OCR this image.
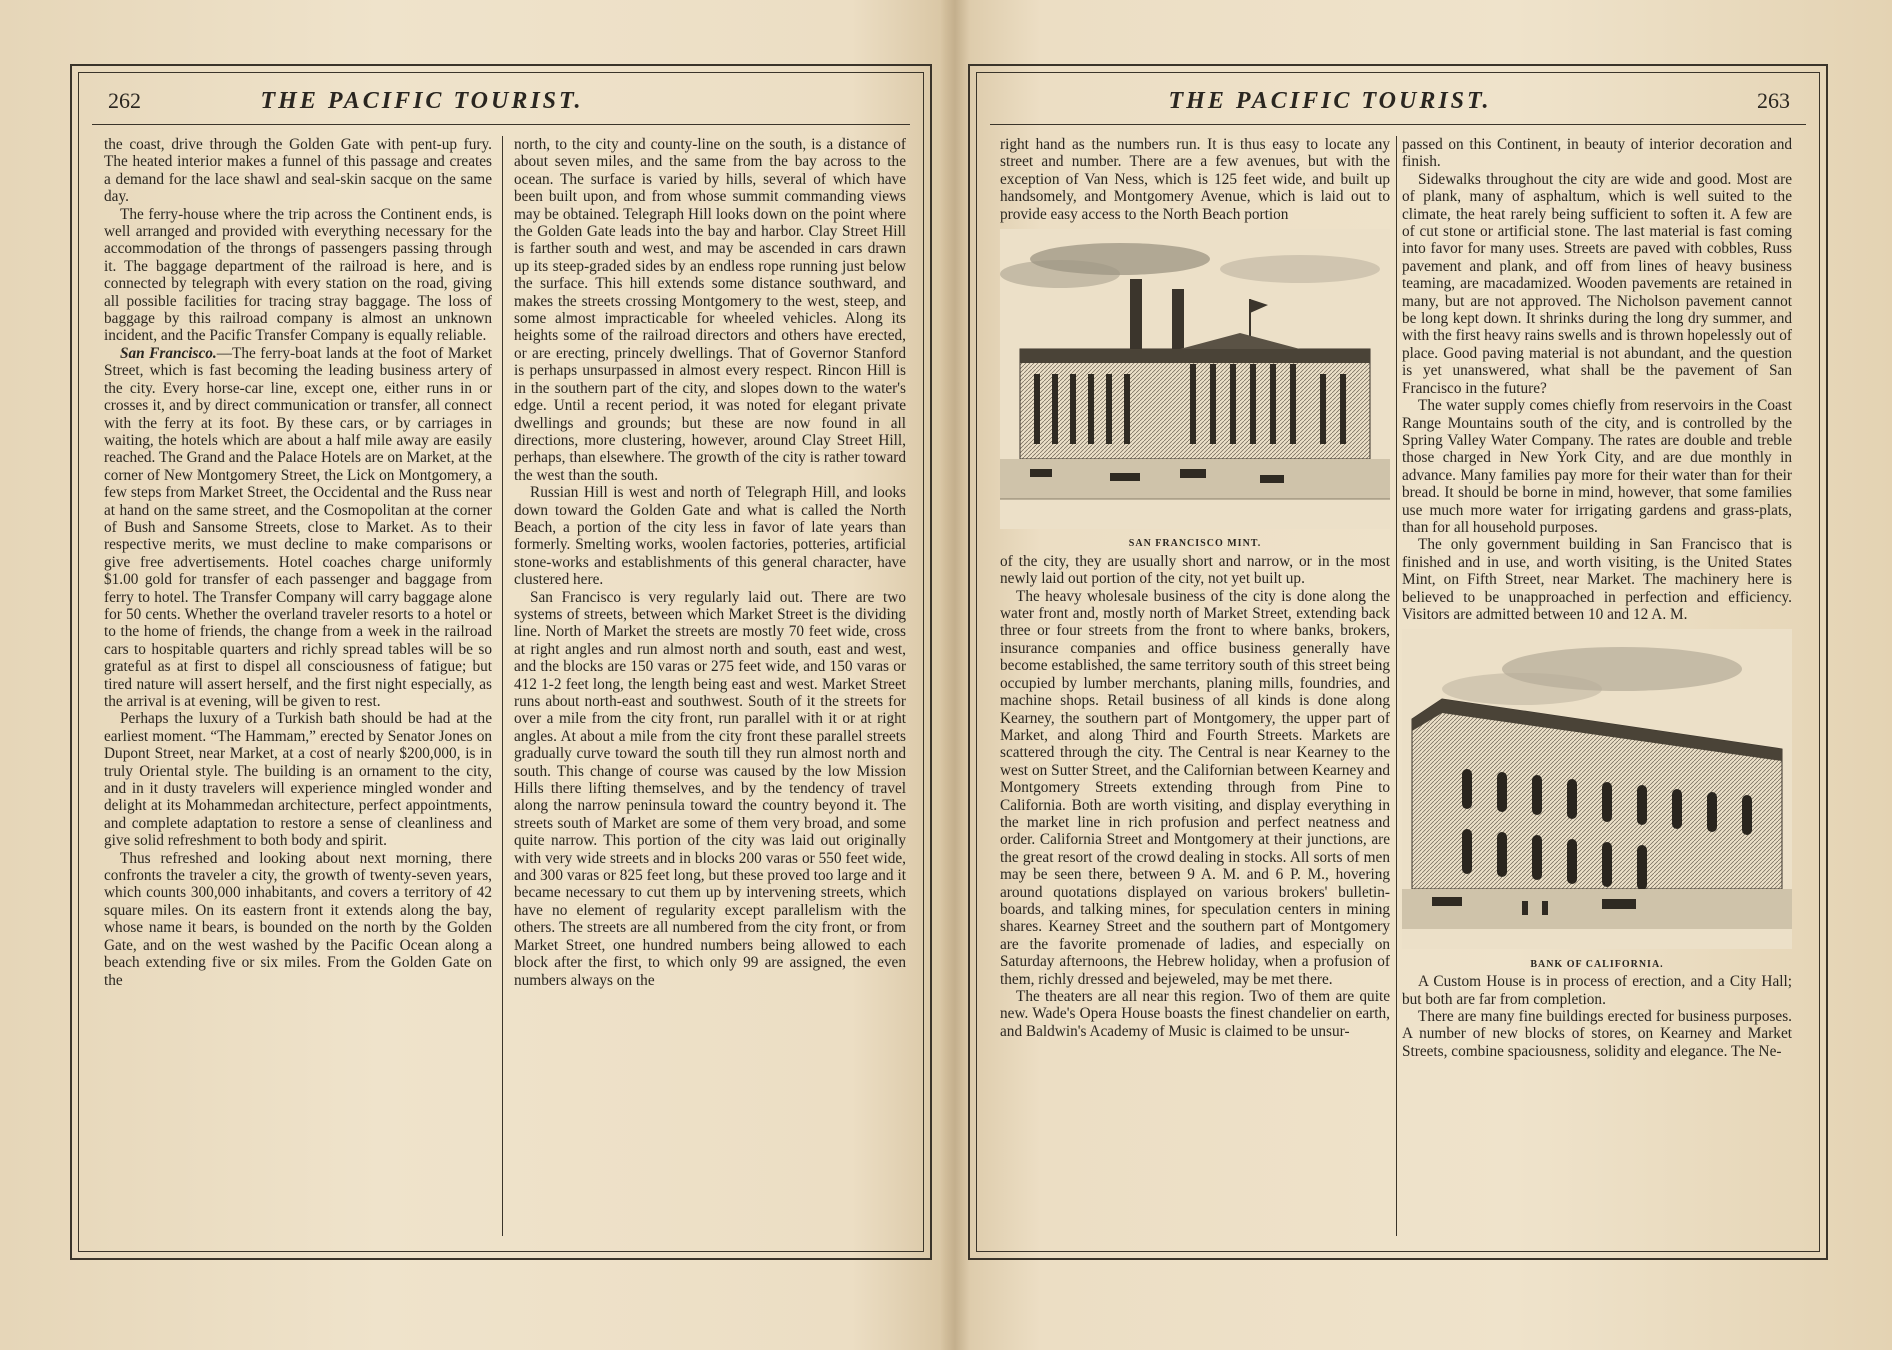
262	THE PACIFIC TOURIST.

the coast, drive through the Golden Gate with pent-up fury. The heated interior makes a funnel of this passage and creates a demand for the lace shawl and seal-skin sacque on the same day.

The ferry-house where the trip across the Continent ends, is well arranged and provided with everything necessary for the accommodation of the throngs of passengers passing through it. The baggage department of the railroad is here, and is connected by telegraph with every station on the road, giving all possible facilities for tracing stray baggage. The loss of baggage by this railroad company is almost an unknown incident, and the Pacific Transfer Company is equally reliable.

San Francisco.—The ferry-boat lands at the foot of Market Street, which is fast becoming the leading business artery of the city. Every horse-car line, except one, either runs in or crosses it, and by direct communication or transfer, all connect with the ferry at its foot. By these cars, or by carriages in waiting, the hotels which are about a half mile away are easily reached. The Grand and the Palace Hotels are on Market, at the corner of New Montgomery Street, the Lick on Montgomery, a few steps from Market Street, the Occidental and the Russ near at hand on the same street, and the Cosmopolitan at the corner of Bush and Sansome Streets, close to Market. As to their respective merits, we must decline to make comparisons or give free advertisements. Hotel coaches charge uniformly $1.00 gold for transfer of each passenger and baggage from ferry to hotel. The Transfer Company will carry baggage alone for 50 cents. Whether the overland traveler resorts to a hotel or to the home of friends, the change from a week in the railroad cars to hospitable quarters and richly spread tables will be so grateful as at first to dispel all consciousness of fatigue; but tired nature will assert herself, and the first night especially, as the arrival is at evening, will be given to rest.

Perhaps the luxury of a Turkish bath should be had at the earliest moment. “The Hammam,” erected by Senator Jones on Dupont Street, near Market, at a cost of nearly $200,000, is in truly Oriental style. The building is an ornament to the city, and in it dusty travelers will experience mingled wonder and delight at its Mohammedan architecture, perfect appointments, and complete adaptation to restore a sense of cleanliness and give solid refreshment to both body and spirit.

Thus refreshed and looking about next morning, there confronts the traveler a city, the growth of twenty-seven years, which counts 300,000 inhabitants, and covers a territory of 42 square miles. On its eastern front it extends along the bay, whose name it bears, is bounded on the north by the Golden Gate, and on the west washed by the Pacific Ocean along a beach extending five or six miles. From the Golden Gate on the

north, to the city and county-line on the south, is a distance of about seven miles, and the same from the bay across to the ocean. The surface is varied by hills, several of which have been built upon, and from whose summit commanding views may be obtained. Telegraph Hill looks down on the point where the Golden Gate leads into the bay and harbor. Clay Street Hill is farther south and west, and may be ascended in cars drawn up its steep-graded sides by an endless rope running just below the surface. This hill extends some distance southward, and makes the streets crossing Montgomery to the west, steep, and some almost impracticable for wheeled vehicles. Along its heights some of the railroad directors and others have erected, or are erecting, princely dwellings. That of Governor Stanford is perhaps unsurpassed in almost every respect. Rincon Hill is in the southern part of the city, and slopes down to the water's edge. Until a recent period, it was noted for elegant private dwellings and grounds; but these are now found in all directions, more clustering, however, around Clay Street Hill, perhaps, than elsewhere. The growth of the city is rather toward the west than the south.

Russian Hill is west and north of Telegraph Hill, and looks down toward the Golden Gate and what is called the North Beach, a portion of the city less in favor of late years than formerly. Smelting works, woolen factories, potteries, artificial stone-works and establishments of this general character, have clustered here.

San Francisco is very regularly laid out. There are two systems of streets, between which Market Street is the dividing line. North of Market the streets are mostly 70 feet wide, cross at right angles and run almost north and south, east and west, and the blocks are 150 varas or 275 feet wide, and 150 varas or 412 1-2 feet long, the length being east and west. Market Street runs about north-east and southwest. South of it the streets for over a mile from the city front, run parallel with it or at right angles. At about a mile from the city front these parallel streets gradually curve toward the south till they run almost north and south. This change of course was caused by the low Mission Hills there lifting themselves, and by the tendency of travel along the narrow peninsula toward the country beyond it. The streets south of Market are some of them very broad, and some quite narrow. This portion of the city was laid out originally with very wide streets and in blocks 200 varas or 550 feet wide, and 300 varas or 825 feet long, but these proved too large and it became necessary to cut them up by intervening streets, which have no element of regularity except parallelism with the others. The streets are all numbered from the city front, or from Market Street, one hundred numbers being allowed to each block after the first, to which only 99 are assigned, the even numbers always on the

THE PACIFIC TOURIST.	263

right hand as the numbers run. It is thus easy to locate any street and number. There are a few avenues, but with the exception of Van Ness, which is 125 feet wide, and built up handsomely, and Montgomery Avenue, which is laid out to provide easy access to the North Beach portion

SAN FRANCISCO MINT.

of the city, they are usually short and narrow, or in the most newly laid out portion of the city, not yet built up.

The heavy wholesale business of the city is done along the water front and, mostly north of Market Street, extending back three or four streets from the front to where banks, brokers, insurance companies and office business generally have become established, the same territory south of this street being occupied by lumber merchants, planing mills, foundries, and machine shops. Retail business of all kinds is done along Kearney, the southern part of Montgomery, the upper part of Market, and along Third and Fourth Streets. Markets are scattered through the city. The Central is near Kearney to the west on Sutter Street, and the Californian between Kearney and Montgomery Streets extending through from Pine to California. Both are worth visiting, and display everything in the market line in rich profusion and perfect neatness and order. California Street and Montgomery at their junctions, are the great resort of the crowd dealing in stocks. All sorts of men may be seen there, between 9 A. M. and 6 P. M., hovering around quotations displayed on various brokers' bulletin-boards, and talking mines, for speculation centers in mining shares. Kearney Street and the southern part of Montgomery are the favorite promenade of ladies, and especially on Saturday afternoons, the Hebrew holiday, when a profusion of them, richly dressed and bejeweled, may be met there.

The theaters are all near this region. Two of them are quite new. Wade's Opera House boasts the finest chandelier on earth, and Baldwin's Academy of Music is claimed to be unsur-

passed on this Continent, in beauty of interior decoration and finish.

Sidewalks throughout the city are wide and good. Most are of plank, many of asphaltum, which is well suited to the climate, the heat rarely being sufficient to soften it. A few are of cut stone or artificial stone. The last material is fast coming into favor for many uses. Streets are paved with cobbles, Russ pavement and plank, and off from lines of heavy business teaming, are macadamized. Wooden pavements are retained in many, but are not approved. The Nicholson pavement cannot be long kept down. It shrinks during the long dry summer, and with the first heavy rains swells and is thrown hopelessly out of place. Good paving material is not abundant, and the question is yet unanswered, what shall be the pavement of San Francisco in the future?

The water supply comes chiefly from reservoirs in the Coast Range Mountains south of the city, and is controlled by the Spring Valley Water Company. The rates are double and treble those charged in New York City, and are due monthly in advance. Many families pay more for their water than for their bread. It should be borne in mind, however, that some families use much more water for irrigating gardens and grass-plats, than for all household purposes.

The only government building in San Francisco that is finished and in use, and worth visiting, is the United States Mint, on Fifth Street, near Market. The machinery here is believed to be unapproached in perfection and efficiency. Visitors are admitted between 10 and 12 A. M.

BANK OF CALIFORNIA.

A Custom House is in process of erection, and a City Hall; but both are far from completion.

There are many fine buildings erected for business purposes. A number of new blocks of stores, on Kearney and Market Streets, combine spaciousness, solidity and elegance. The Ne-
